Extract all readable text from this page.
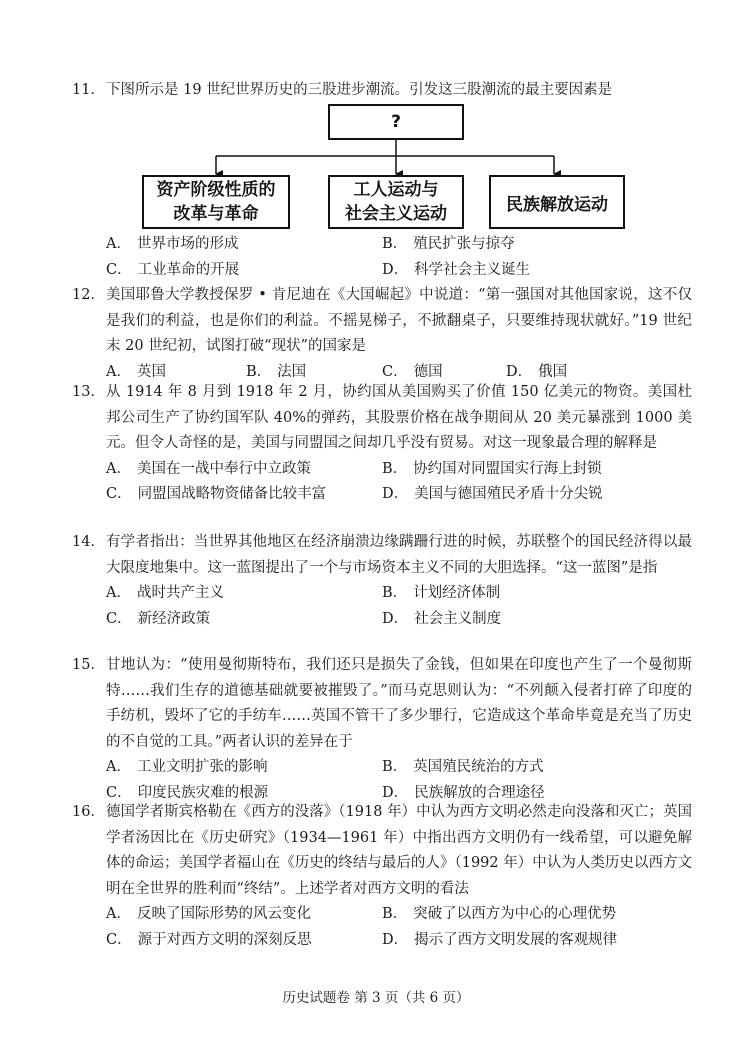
11． 下图所示是 19 世纪世界历史的三股进步潮流。引发这三股潮流的最主要因素是
?
资产阶级性质的
改革与革命
工人运动与
社会主义运动	民族解放运动
A． 世界市场的形成	B． 殖民扩张与掠夺
C． 工业革命的开展	D． 科学社会主义诞生
12． 美国耶鲁大学教授保罗 • 肯尼迪在《大国崛起》中说道：“第一强国对其他国家说，这不仅是我们的利益，也是你们的利益。不摇晃梯子，不掀翻桌子，只要维持现状就好。”19 世纪末 20 世纪初，试图打破“现状”的国家是
A． 英国	B． 法国	C． 德国	D． 俄国
13． 从 1914 年 8 月到 1918 年 2 月，协约国从美国购买了价值 150 亿美元的物资。美国杜邦公司生产了协约国军队 40%的弹药，其股票价格在战争期间从 20 美元暴涨到 1000 美元。但令人奇怪的是，美国与同盟国之间却几乎没有贸易。对这一现象最合理的解释是
A． 美国在一战中奉行中立政策	B． 协约国对同盟国实行海上封锁
C． 同盟国战略物资储备比较丰富	D． 美国与德国殖民矛盾十分尖锐
14． 有学者指出：当世界其他地区在经济崩溃边缘蹒跚行进的时候，苏联整个的国民经济得以最大限度地集中。这一蓝图提出了一个与市场资本主义不同的大胆选择。“这一蓝图”是指
A． 战时共产主义	B． 计划经济体制
C． 新经济政策	D． 社会主义制度
15． 甘地认为：“使用曼彻斯特布，我们还只是损失了金钱，但如果在印度也产生了一个曼彻斯特……我们生存的道德基础就要被摧毁了。”而马克思则认为：“不列颠入侵者打碎了印度的手纺机，毁坏了它的手纺车……英国不管干了多少罪行，它造成这个革命毕竟是充当了历史的不自觉的工具。”两者认识的差异在于
A． 工业文明扩张的影响	B． 英国殖民统治的方式
C． 印度民族灾难的根源	D． 民族解放的合理途径
16． 德国学者斯宾格勒在《西方的没落》（1918 年）中认为西方文明必然走向没落和灭亡；英国学者汤因比在《历史研究》（1934—1961 年）中指出西方文明仍有一线希望，可以避免解体的命运；美国学者福山在《历史的终结与最后的人》（1992 年）中认为人类历史以西方文明在全世界的胜利而“终结”。上述学者对西方文明的看法
A． 反映了国际形势的风云变化	B． 突破了以西方为中心的心理优势
C． 源于对西方文明的深刻反思	D． 揭示了西方文明发展的客观规律
历史试题卷 第 3 页（共 6 页）
